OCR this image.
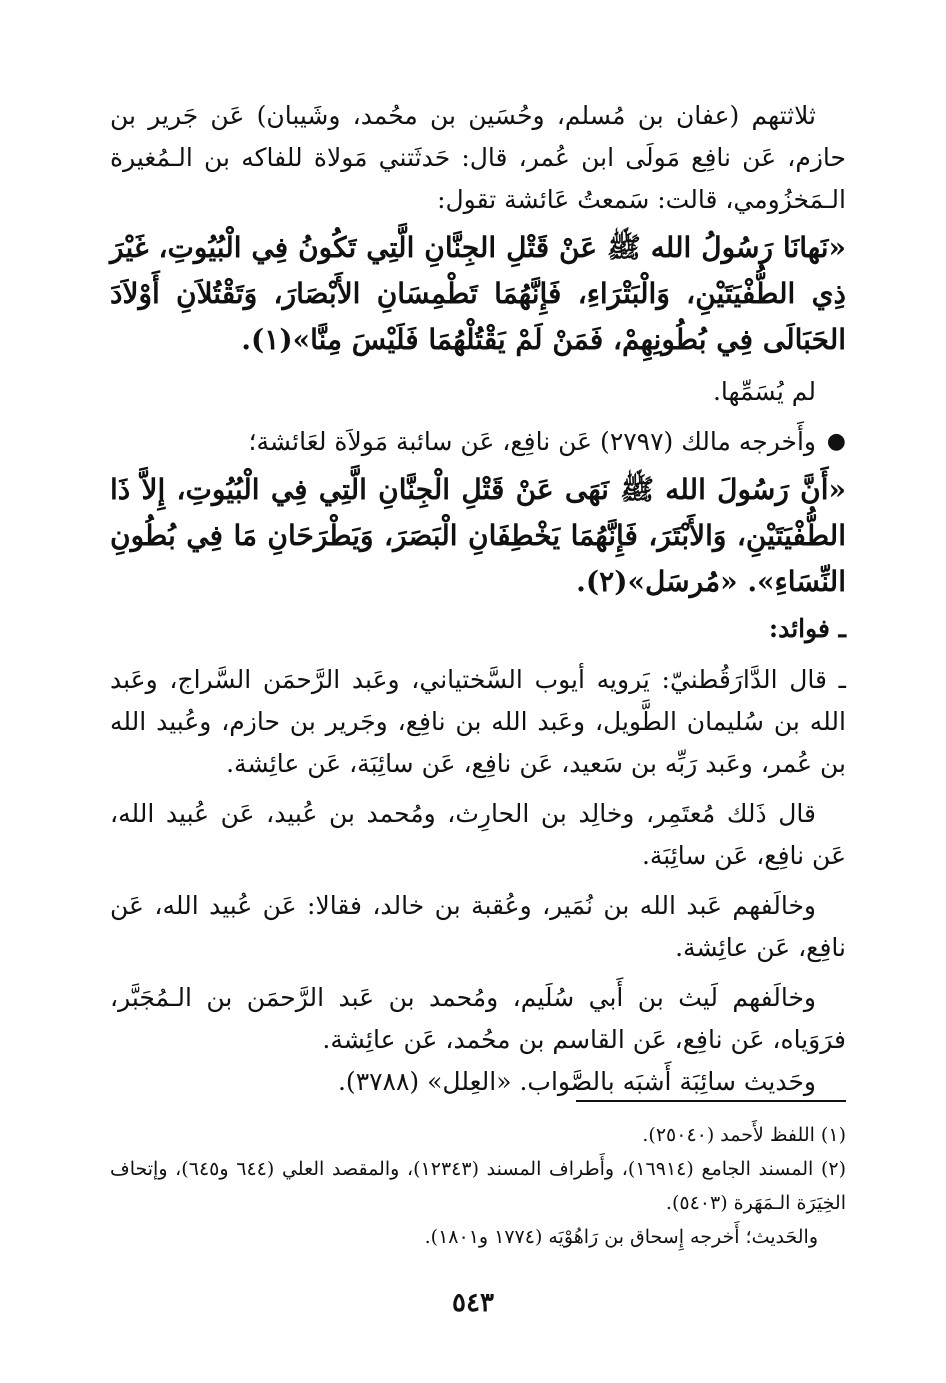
ثلاثتهم (عفان بن مُسلم، وحُسَين بن محُمد، وشَيبان) عَن جَرير بن حازم، عَن نافِع مَولَى ابن عُمر، قال: حَدثَتني مَولاة للفاكه بن الـمُغيرة الـمَخزُومي، قالت: سَمعتُ عَائشة تقول:

«نَهانَا رَسُولُ الله ﷺ عَنْ قَتْلِ الجِنَّانِ الَّتِي تَكُونُ فِي الْبُيُوتِ، غَيْرَ ذِي الطُّفْيَتَيْنِ، وَالْبَتْرَاءِ، فَإِنَّهُمَا تَطْمِسَانِ الأَبْصَارَ، وَتَقْتُلاَنِ أَوْلاَدَ الحَبَالَى فِي بُطُونِهِمْ، فَمَنْ لَمْ يَقْتُلْهُمَا فَلَيْسَ مِنَّا»(١).

لم يُسَمِّها.

●
وأَخرجه مالك (٢٧٩٧) عَن نافِع، عَن سائبة مَولاَة لعَائشة؛

«أَنَّ رَسُولَ الله ﷺ نَهَى عَنْ قَتْلِ الْجِنَّانِ الَّتِي فِي الْبُيُوتِ، إِلاَّ ذَا الطُّفْيَتَيْنِ، وَالأَبْتَرَ، فَإِنَّهُمَا يَخْطِفَانِ الْبَصَرَ، وَيَطْرَحَانِ مَا فِي بُطُونِ النِّسَاءِ». «مُرسَل»(٢).

ـ فوائد:

ـ قال الدَّارَقُطنيّ: يَرويه أيوب السَّختياني، وعَبد الرَّحمَن السَّراج، وعَبد الله بن سُليمان الطَّويل، وعَبد الله بن نافِع، وجَرير بن حازم، وعُبيد الله بن عُمر، وعَبد رَبِّه بن سَعيد، عَن نافِع، عَن سائِبَة، عَن عائِشة.

قال ذَلك مُعتَمِر، وخالِد بن الحارِث، ومُحمد بن عُبيد، عَن عُبيد الله، عَن نافِع، عَن سائِبَة.

وخالَفهم عَبد الله بن نُمَير، وعُقبة بن خالد، فقالا: عَن عُبيد الله، عَن نافِع، عَن عائِشة.

وخالَفهم لَيث بن أَبي سُلَيم، ومُحمد بن عَبد الرَّحمَن بن الـمُجَبَّر، فرَوَياه، عَن نافِع، عَن القاسم بن محُمد، عَن عائِشة.

وحَديث سائِبَة أَشبَه بالصَّواب. «العِلل» (٣٧٨٨).

(١) اللفظ لأَحمد (٢٥٠٤٠).

(٢) المسند الجامع (١٦٩١٤)، وأَطراف المسند (١٢٣٤٣)، والمقصد العلي (٦٤٤ و٦٤٥)، وإتحاف الخِيَرَة الـمَهَرة (٥٤٠٣).

والحَديث؛ أَخرجه إِسحاق بن رَاهُوْيَه (١٧٧٤ و١٨٠١).

٥٤٣
